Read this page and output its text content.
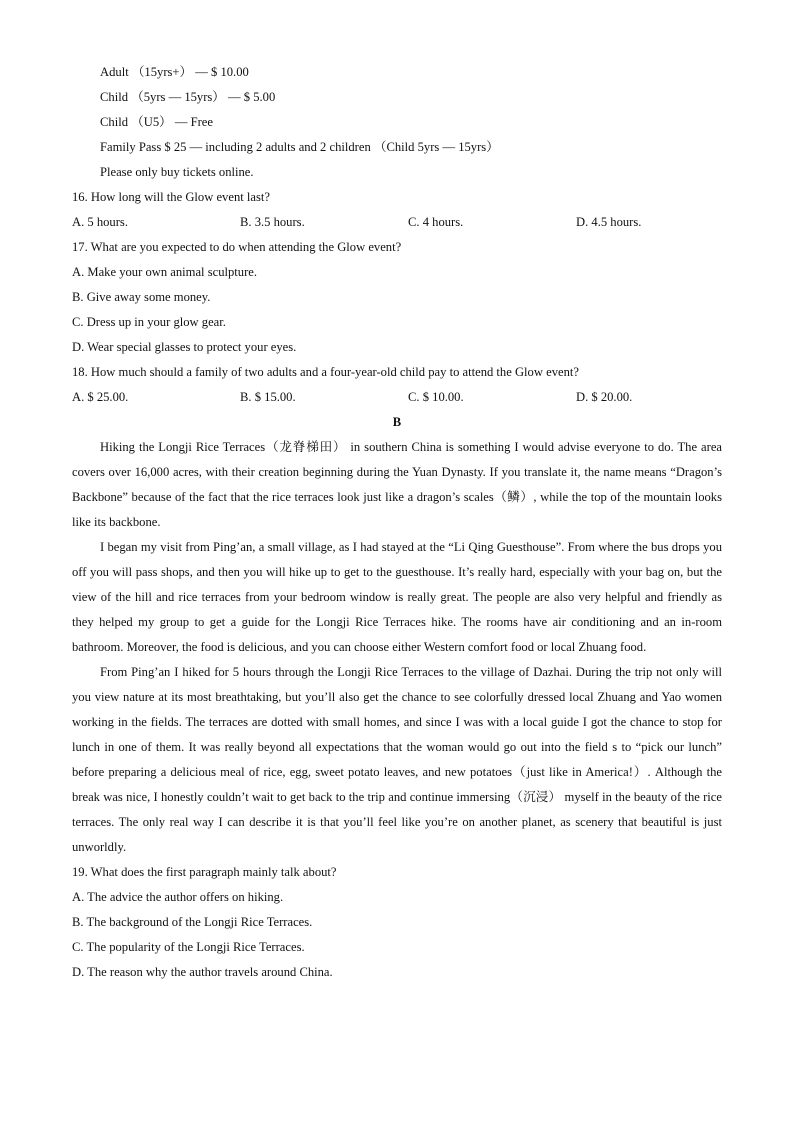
Adult （15yrs+） — $ 10.00
Child （5yrs — 15yrs） — $ 5.00
Child （U5） — Free
Family Pass $ 25 — including 2 adults and 2 children （Child 5yrs — 15yrs）
Please only buy tickets online.
16. How long will the Glow event last?
A. 5 hours.	B. 3.5 hours.	C. 4 hours.	D. 4.5 hours.
17. What are you expected to do when attending the Glow event?
A. Make your own animal sculpture.
B. Give away some money.
C. Dress up in your glow gear.
D. Wear special glasses to protect your eyes.
18. How much should a family of two adults and a four-year-old child pay to attend the Glow event?
A. $ 25.00.	B. $ 15.00.	C. $ 10.00.	D. $ 20.00.
B

Hiking the Longji Rice Terraces（龙脊梯田） in southern China is something I would advise everyone to do. The area covers over 16,000 acres, with their creation beginning during the Yuan Dynasty. If you translate it, the name means “Dragon’s Backbone” because of the fact that the rice terraces look just like a dragon’s scales（鳞）, while the top of the mountain looks like its backbone.

I began my visit from Ping’an, a small village, as I had stayed at the “Li Qing Guesthouse”. From where the bus drops you off you will pass shops, and then you will hike up to get to the guesthouse. It’s really hard, especially with your bag on, but the view of the hill and rice terraces from your bedroom window is really great. The people are also very helpful and friendly as they helped my group to get a guide for the Longji Rice Terraces hike. The rooms have air conditioning and an in-room bathroom. Moreover, the food is delicious, and you can choose either Western comfort food or local Zhuang food.

From Ping’an I hiked for 5 hours through the Longji Rice Terraces to the village of Dazhai. During the trip not only will you view nature at its most breathtaking, but you’ll also get the chance to see colorfully dressed local Zhuang and Yao women working in the fields. The terraces are dotted with small homes, and since I was with a local guide I got the chance to stop for lunch in one of them. It was really beyond all expectations that the woman would go out into the field s to “pick our lunch” before preparing a delicious meal of rice, egg, sweet potato leaves, and new potatoes（just like in America!）. Although the break was nice, I honestly couldn’t wait to get back to the trip and continue immersing（沉浸） myself in the beauty of the rice terraces. The only real way I can describe it is that you’ll feel like you’re on another planet, as scenery that beautiful is just unworldly.

19. What does the first paragraph mainly talk about?
A. The advice the author offers on hiking.
B. The background of the Longji Rice Terraces.
C. The popularity of the Longji Rice Terraces.
D. The reason why the author travels around China.
